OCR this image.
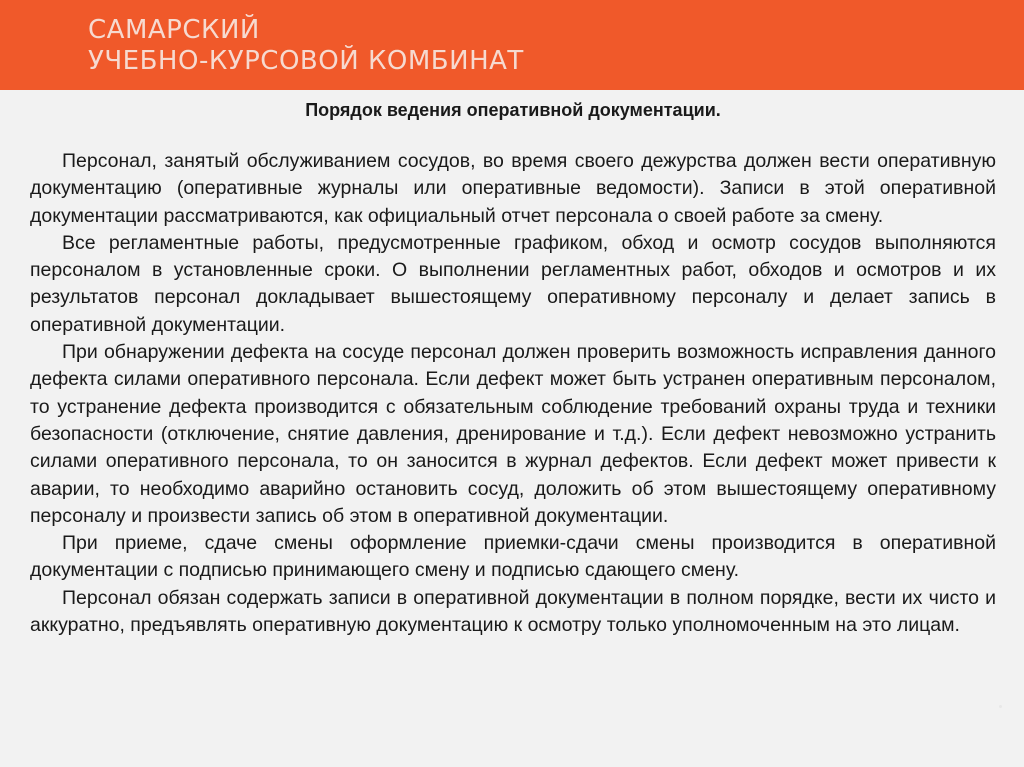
САМАРСКИЙ
УЧЕБНО-КУРСОВОЙ КОМБИНАТ
Порядок ведения оперативной документации.

Персонал, занятый обслуживанием сосудов, во время своего дежурства должен вести оперативную документацию (оперативные журналы или оперативные ведомости). Записи в этой оперативной документации рассматриваются, как официальный отчет персонала о своей работе за смену.

Все регламентные работы, предусмотренные графиком, обход и осмотр сосудов выполняются персоналом в установленные сроки. О выполнении регламентных работ, обходов и осмотров и их результатов персонал докладывает вышестоящему оперативному персоналу и делает запись в оперативной документации.

При обнаружении дефекта на сосуде персонал должен проверить возможность исправления данного дефекта силами оперативного персонала. Если дефект может быть устранен оперативным персоналом, то устранение дефекта производится с обязательным соблюдение требований охраны труда и техники безопасности (отключение, снятие давления, дренирование и т.д.). Если дефект невозможно устранить силами оперативного персонала, то он заносится в журнал дефектов. Если дефект может привести к аварии, то необходимо аварийно остановить сосуд, доложить об этом вышестоящему оперативному персоналу и произвести запись об этом в оперативной документации.

При приеме, сдаче смены оформление приемки-сдачи смены производится в оперативной документации с подписью принимающего смену и подписью сдающего смену.

Персонал обязан содержать записи в оперативной документации в полном порядке, вести их чисто и аккуратно, предъявлять оперативную документацию к осмотру только уполномоченным на это лицам.
